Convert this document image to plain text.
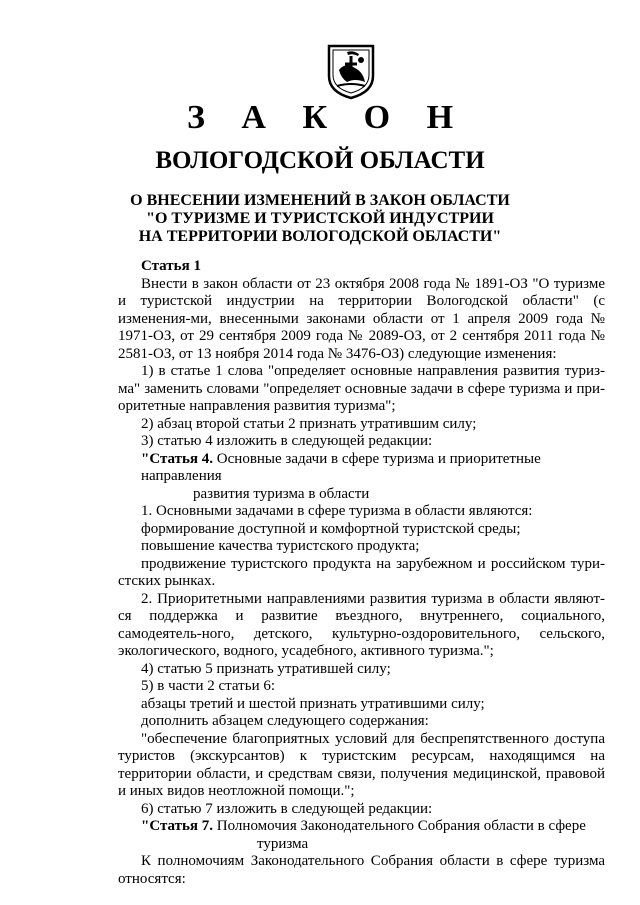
З А К О Н
ВОЛОГОДСКОЙ ОБЛАСТИ
О ВНЕСЕНИИ ИЗМЕНЕНИЙ В ЗАКОН ОБЛАСТИ
"О ТУРИЗМЕ И ТУРИСТСКОЙ ИНДУСТРИИ
НА ТЕРРИТОРИИ ВОЛОГОДСКОЙ ОБЛАСТИ"

Статья 1

Внести в закон области от 23 октября 2008 года № 1891-ОЗ "О туризме и туристской индустрии на территории Вологодской области" (с изменения-ми, внесенными законами области от 1 апреля 2009 года № 1971-ОЗ, от 29 сентября 2009 года № 2089-ОЗ, от 2 сентября 2011 года № 2581-ОЗ, от 13 ноября 2014 года № 3476-ОЗ) следующие изменения:

1) в статье 1 слова "определяет основные направления развития туриз-ма" заменить словами "определяет основные задачи в сфере туризма и при-оритетные направления развития туризма";

2) абзац второй статьи 2 признать утратившим силу;

3) статью 4 изложить в следующей редакции:

"Статья 4. Основные задачи в сфере туризма и приоритетные направления
развития туризма в области

1. Основными задачами в сфере туризма в области являются:

формирование доступной и комфортной туристской среды;

повышение качества туристского продукта;

продвижение туристского продукта на зарубежном и российском тури-стских рынках.

2. Приоритетными направлениями развития туризма в области являют-ся поддержка и развитие въездного, внутреннего, социального, самодеятель-ного, детского, культурно-оздоровительного, сельского, экологического, водного, усадебного, активного туризма.";

4) статью 5 признать утратившей силу;

5) в части 2 статьи 6:

абзацы третий и шестой признать утратившими силу;

дополнить абзацем следующего содержания:

"обеспечение благоприятных условий для беспрепятственного доступа туристов (экскурсантов) к туристским ресурсам, находящимся на территории области, и средствам связи, получения медицинской, правовой и иных видов неотложной помощи.";

6) статью 7 изложить в следующей редакции:

"Статья 7. Полномочия Законодательного Собрания области в сфере
туризма

К полномочиям Законодательного Собрания области в сфере туризма относятся:
